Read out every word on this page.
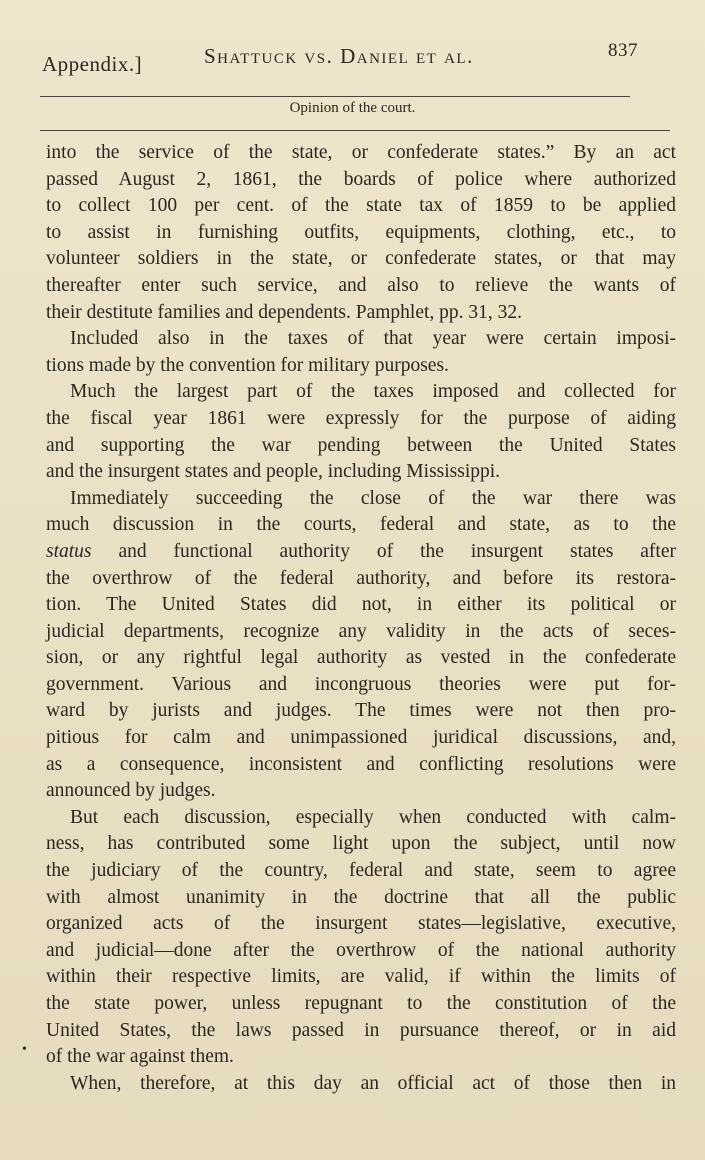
Appendix.]	Shattuck vs. Daniel et al.	837
Opinion of the court.
into the service of the state, or confederate states.” By an act
passed August 2, 1861, the boards of police where authorized
to collect 100 per cent. of the state tax of 1859 to be applied
to assist in furnishing outfits, equipments, clothing, etc., to
volunteer soldiers in the state, or confederate states, or that may
thereafter enter such service, and also to relieve the wants of
their destitute families and dependents. Pamphlet, pp. 31, 32.
Included also in the taxes of that year were certain imposi-
tions made by the convention for military purposes.
Much the largest part of the taxes imposed and collected for
the fiscal year 1861 were expressly for the purpose of aiding
and supporting the war pending between the United States
and the insurgent states and people, including Mississippi.
Immediately succeeding the close of the war there was
much discussion in the courts, federal and state, as to the
status and functional authority of the insurgent states after
the overthrow of the federal authority, and before its restora-
tion. The United States did not, in either its political or
judicial departments, recognize any validity in the acts of seces-
sion, or any rightful legal authority as vested in the confederate
government. Various and incongruous theories were put for-
ward by jurists and judges. The times were not then pro-
pitious for calm and unimpassioned juridical discussions, and,
as a consequence, inconsistent and conflicting resolutions were
announced by judges.
But each discussion, especially when conducted with calm-
ness, has contributed some light upon the subject, until now
the judiciary of the country, federal and state, seem to agree
with almost unanimity in the doctrine that all the public
organized acts of the insurgent states—legislative, executive,
and judicial—done after the overthrow of the national authority
within their respective limits, are valid, if within the limits of
the state power, unless repugnant to the constitution of the
United States, the laws passed in pursuance thereof, or in aid
of the war against them.
When, therefore, at this day an official act of those then in
•
